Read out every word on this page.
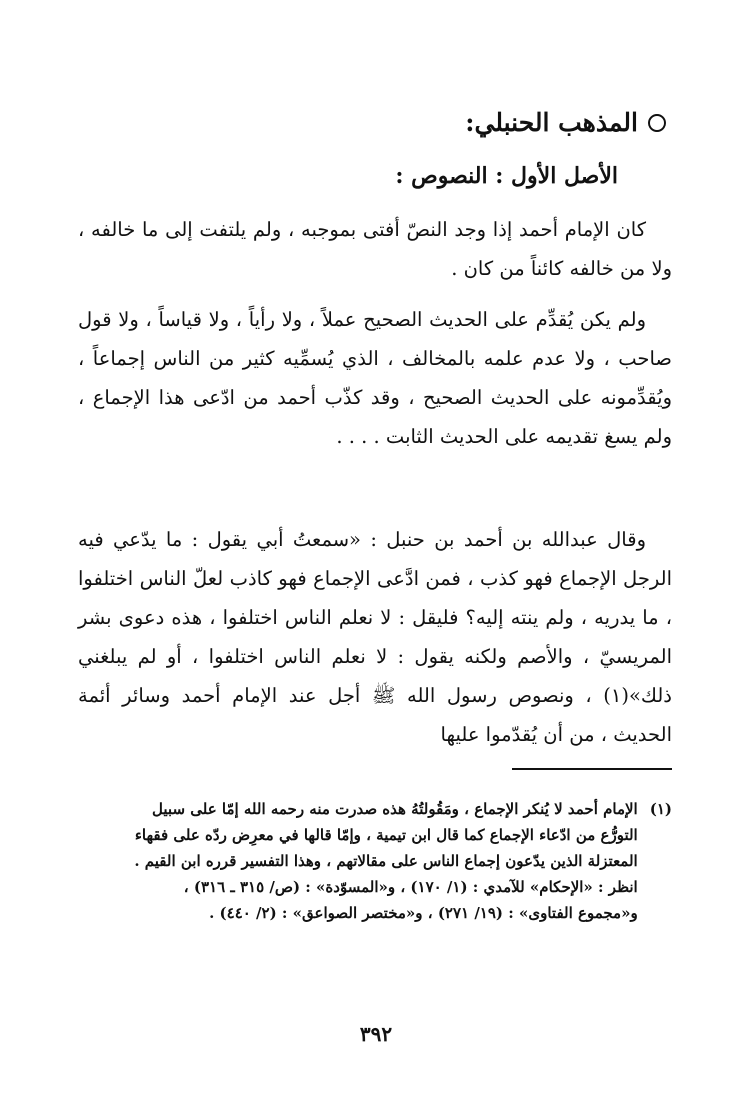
المذهب الحنبلي:
الأصل الأول : النصوص :

كان الإمام أحمد إذا وجد النصّ أفتى بموجبه ، ولم يلتفت إلى ما خالفه ، ولا من خالفه كائناً من كان .

ولم يكن يُقدِّم على الحديث الصحيح عملاً ، ولا رأياً ، ولا قياساً ، ولا قول صاحب ، ولا عدم علمه بالمخالف ، الذي يُسمِّيه كثير من الناس إجماعاً ، ويُقدِّمونه على الحديث الصحيح ، وقد كذّب أحمد من ادّعى هذا الإجماع ، ولم يسغ تقديمه على الحديث الثابت . . . .

وقال عبدالله بن أحمد بن حنبل : «سمعتُ أبي يقول : ما يدّعي فيه الرجل الإجماع فهو كذب ، فمن ادَّعى الإجماع فهو كاذب لعلّ الناس اختلفوا ، ما يدريه ، ولم ينته إليه؟ فليقل : لا نعلم الناس اختلفوا ، هذه دعوى بشر المريسيّ ، والأصم ولكنه يقول : لا نعلم الناس اختلفوا ، أو لم يبلغني ذلك»(١) ، ونصوص رسول الله ﷺ أجل عند الإمام أحمد وسائر أئمة الحديث ، من أن يُقدّموا عليها

(١)
الإمام أحمد لا يُنكر الإجماع ، ومَقُولتُهُ هذه صدرت منه رحمه الله إمّا على سبيل
التورُّع من ادّعاء الإجماع كما قال ابن تيمية ، وإمّا قالها في معرِض ردّه على فقهاء
المعتزلة الذين يدّعون إجماع الناس على مقالاتهم ، وهذا التفسير قرره ابن القيم .
انظر : «الإحكام» للآمدي : (١/ ١٧٠) ، و«المسوّدة» : (ص/ ٣١٥ ـ ٣١٦) ،
و«مجموع الفتاوى» : (١٩/ ٢٧١) ، و«مختصر الصواعق» : (٢/ ٤٤٠) .
٣٩٢
